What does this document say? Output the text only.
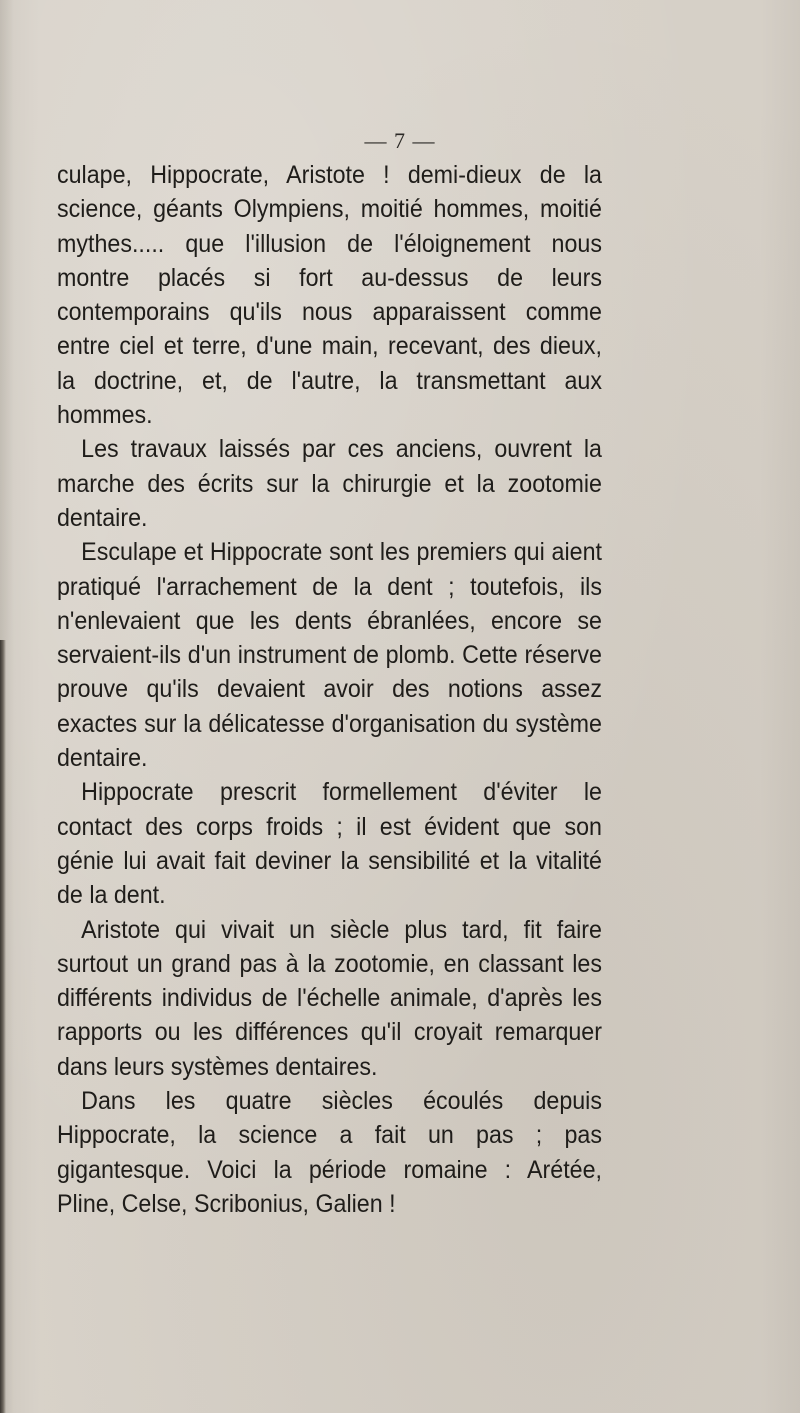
— 7 —

culape, Hippocrate, Aristote ! demi-dieux de la science, géants Olympiens, moitié hommes, moitié mythes..... que l'illusion de l'éloignement nous montre placés si fort au-dessus de leurs contemporains qu'ils nous apparaissent comme entre ciel et terre, d'une main, recevant, des dieux, la doctrine, et, de l'autre, la transmettant aux hommes.

Les travaux laissés par ces anciens, ouvrent la marche des écrits sur la chirurgie et la zootomie dentaire.

Esculape et Hippocrate sont les premiers qui aient pratiqué l'arrachement de la dent ; toutefois, ils n'enlevaient que les dents ébranlées, encore se servaient-ils d'un instrument de plomb. Cette réserve prouve qu'ils devaient avoir des notions assez exactes sur la délicatesse d'organisation du système dentaire.

Hippocrate prescrit formellement d'éviter le contact des corps froids ; il est évident que son génie lui avait fait deviner la sensibilité et la vitalité de la dent.

Aristote qui vivait un siècle plus tard, fit faire surtout un grand pas à la zootomie, en classant les différents individus de l'échelle animale, d'après les rapports ou les différences qu'il croyait remarquer dans leurs systèmes dentaires.

Dans les quatre siècles écoulés depuis Hippocrate, la science a fait un pas ; pas gigantesque. Voici la période romaine : Arétée, Pline, Celse, Scribonius, Galien !
